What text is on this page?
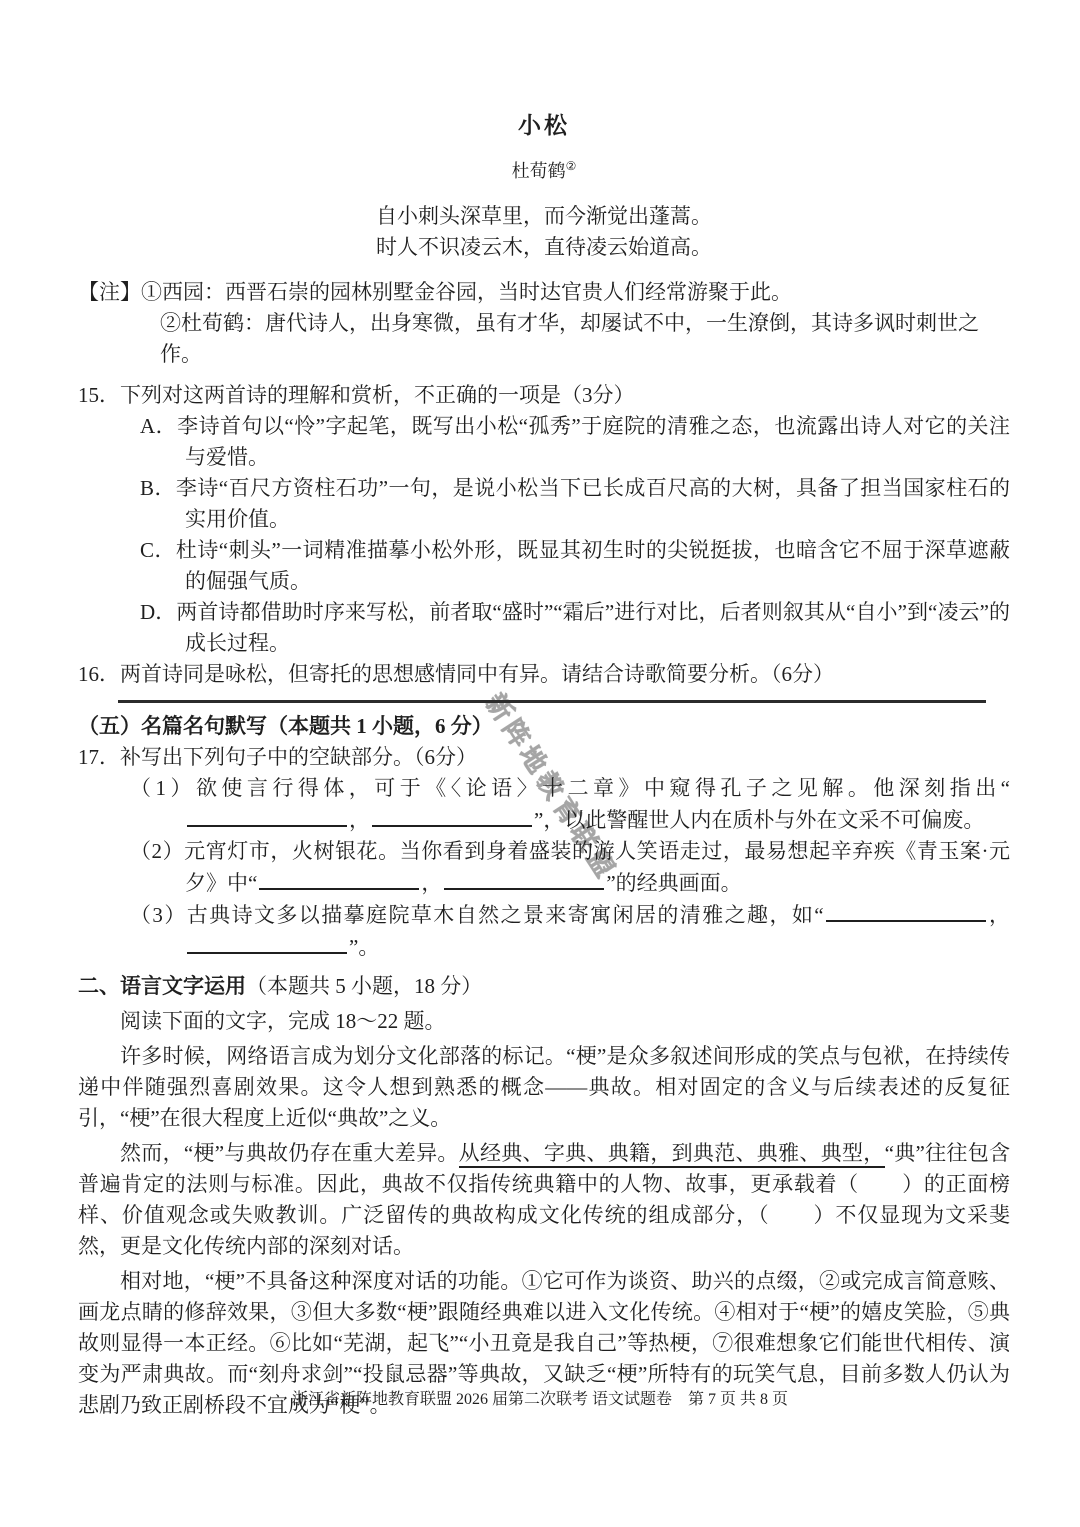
新阵地教育联盟
小松
杜荀鹤②
自小刺头深草里，而今渐觉出蓬蒿。
时人不识凌云木，直待凌云始道高。
【注】①西园：西晋石崇的园林别墅金谷园，当时达官贵人们经常游聚于此。
②杜荀鹤：唐代诗人，出身寒微，虽有才华，却屡试不中，一生潦倒，其诗多讽时刺世之作。
15．下列对这两首诗的理解和赏析，不正确的一项是（3分）
A．李诗首句以“怜”字起笔，既写出小松“孤秀”于庭院的清雅之态，也流露出诗人对它的关注与爱惜。
B．李诗“百尺方资柱石功”一句，是说小松当下已长成百尺高的大树，具备了担当国家柱石的实用价值。
C．杜诗“刺头”一词精准描摹小松外形，既显其初生时的尖锐挺拔，也暗含它不屈于深草遮蔽的倔强气质。
D．两首诗都借助时序来写松，前者取“盛时”“霜后”进行对比，后者则叙其从“自小”到“凌云”的成长过程。
16．两首诗同是咏松，但寄托的思想感情同中有异。请结合诗歌简要分析。（6分）
（五）名篇名句默写（本题共 1 小题，6 分）
17．补写出下列句子中的空缺部分。（6分）
（1）欲使言行得体，可于《〈论语〉十二章》中窥得孔子之见解。他深刻指出“，	”，以此警醒世人内在质朴与外在文采不可偏废。
（2）元宵灯市，火树银花。当你看到身着盛装的游人笑语走过，最易想起辛弃疾《青玉案·元夕》中“	，	”的经典画面。
（3）古典诗文多以描摹庭院草木自然之景来寄寓闲居的清雅之趣，如“	，”。
二、语言文字运用（本题共 5 小题，18 分）
阅读下面的文字，完成 18～22 题。

许多时候，网络语言成为划分文化部落的标记。“梗”是众多叙述间形成的笑点与包袱，在持续传递中伴随强烈喜剧效果。这令人想到熟悉的概念——典故。相对固定的含义与后续表述的反复征引，“梗”在很大程度上近似“典故”之义。

然而，“梗”与典故仍存在重大差异。从经典、字典、典籍，到典范、典雅、典型，“典”往往包含普遍肯定的法则与标准。因此，典故不仅指传统典籍中的人物、故事，更承载着（　　）的正面榜样、价值观念或失败教训。广泛留传的典故构成文化传统的组成部分，（　　）不仅显现为文采斐然，更是文化传统内部的深刻对话。

相对地，“梗”不具备这种深度对话的功能。①它可作为谈资、助兴的点缀，②或完成言简意赅、画龙点睛的修辞效果，③但大多数“梗”跟随经典难以进入文化传统。④相对于“梗”的嬉皮笑脸，⑤典故则显得一本正经。⑥比如“芜湖，起飞”“小丑竟是我自己”等热梗，⑦很难想象它们能世代相传、演变为严肃典故。而“刻舟求剑”“投鼠忌器”等典故，又缺乏“梗”所特有的玩笑气息，目前多数人仍认为悲剧乃致正剧桥段不宜成为“梗”。

浙江省新阵地教育联盟 2026 届第二次联考 语文试题卷　第 7 页 共 8 页
